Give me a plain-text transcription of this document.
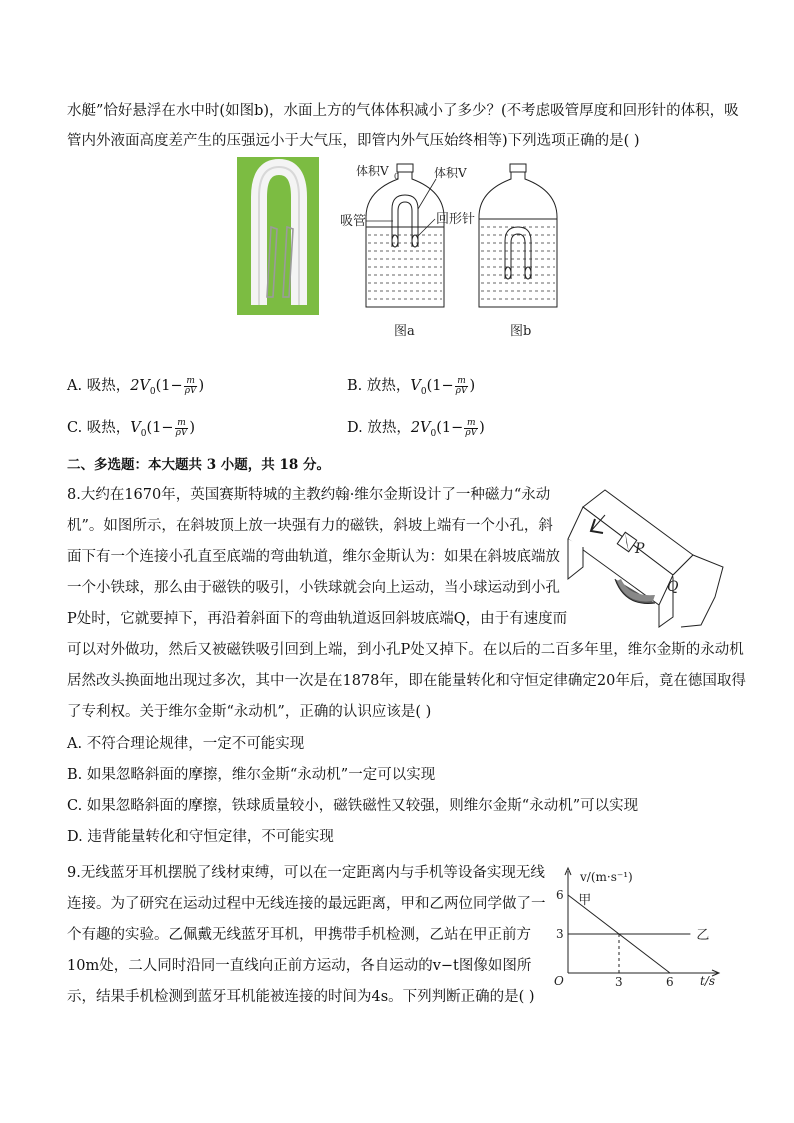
水艇”恰好悬浮在水中时(如图b)，水面上方的气体体积减小了多少？(不考虑吸管厚度和回形针的体积，吸
管内外液面高度差产生的压强远小于大气压，即管内外气压始终相等)下列选项正确的是( )
体积V 0	体积V
吸管	回形针
图a	图b
A. 吸热，$2V_0(1- \frac{m}{\rho V}$ )	B. 放热，$V_0(1- \frac{m}{\rho V}$ )
C. 吸热，$V_0(1- \frac{m}{\rho V}$ )	D. 放热，$2V_0(1- \frac{m}{\rho V}$ )
二、多选题：本大题共 3 小题，共 18 分。
8.大约在1670年，英国赛斯特城的主教约翰·维尔金斯设计了一种磁力“永动
机”。如图所示，在斜坡顶上放一块强有力的磁铁，斜坡上端有一个小孔，斜
面下有一个连接小孔直至底端的弯曲轨道，维尔金斯认为：如果在斜坡底端放
一个小铁球，那么由于磁铁的吸引，小铁球就会向上运动，当小球运动到小孔
P处时，它就要掉下，再沿着斜面下的弯曲轨道返回斜坡底端Q，由于有速度而
可以对外做功，然后又被磁铁吸引回到上端，到小孔P处又掉下。在以后的二百多年里，维尔金斯的永动机
居然改头换面地出现过多次，其中一次是在1878年，即在能量转化和守恒定律确定20年后，竟在德国取得
了专利权。关于维尔金斯“永动机”，正确的认识应该是( )
P
Q
A. 不符合理论规律，一定不可能实现
B. 如果忽略斜面的摩擦，维尔金斯“永动机”一定可以实现
C. 如果忽略斜面的摩擦，铁球质量较小，磁铁磁性又较强，则维尔金斯“永动机”可以实现
D. 违背能量转化和守恒定律，不可能实现
9.无线蓝牙耳机摆脱了线材束缚，可以在一定距离内与手机等设备实现无线
连接。为了研究在运动过程中无线连接的最远距离，甲和乙两位同学做了一
个有趣的实验。乙佩戴无线蓝牙耳机，甲携带手机检测，乙站在甲正前方
10m处，二人同时沿同一直线向正前方运动，各自运动的v−t图像如图所
示，结果手机检测到蓝牙耳机能被连接的时间为4s。下列判断正确的是( )
v/(m·s⁻¹)
t/s
O
3
6
3	6
甲
乙
